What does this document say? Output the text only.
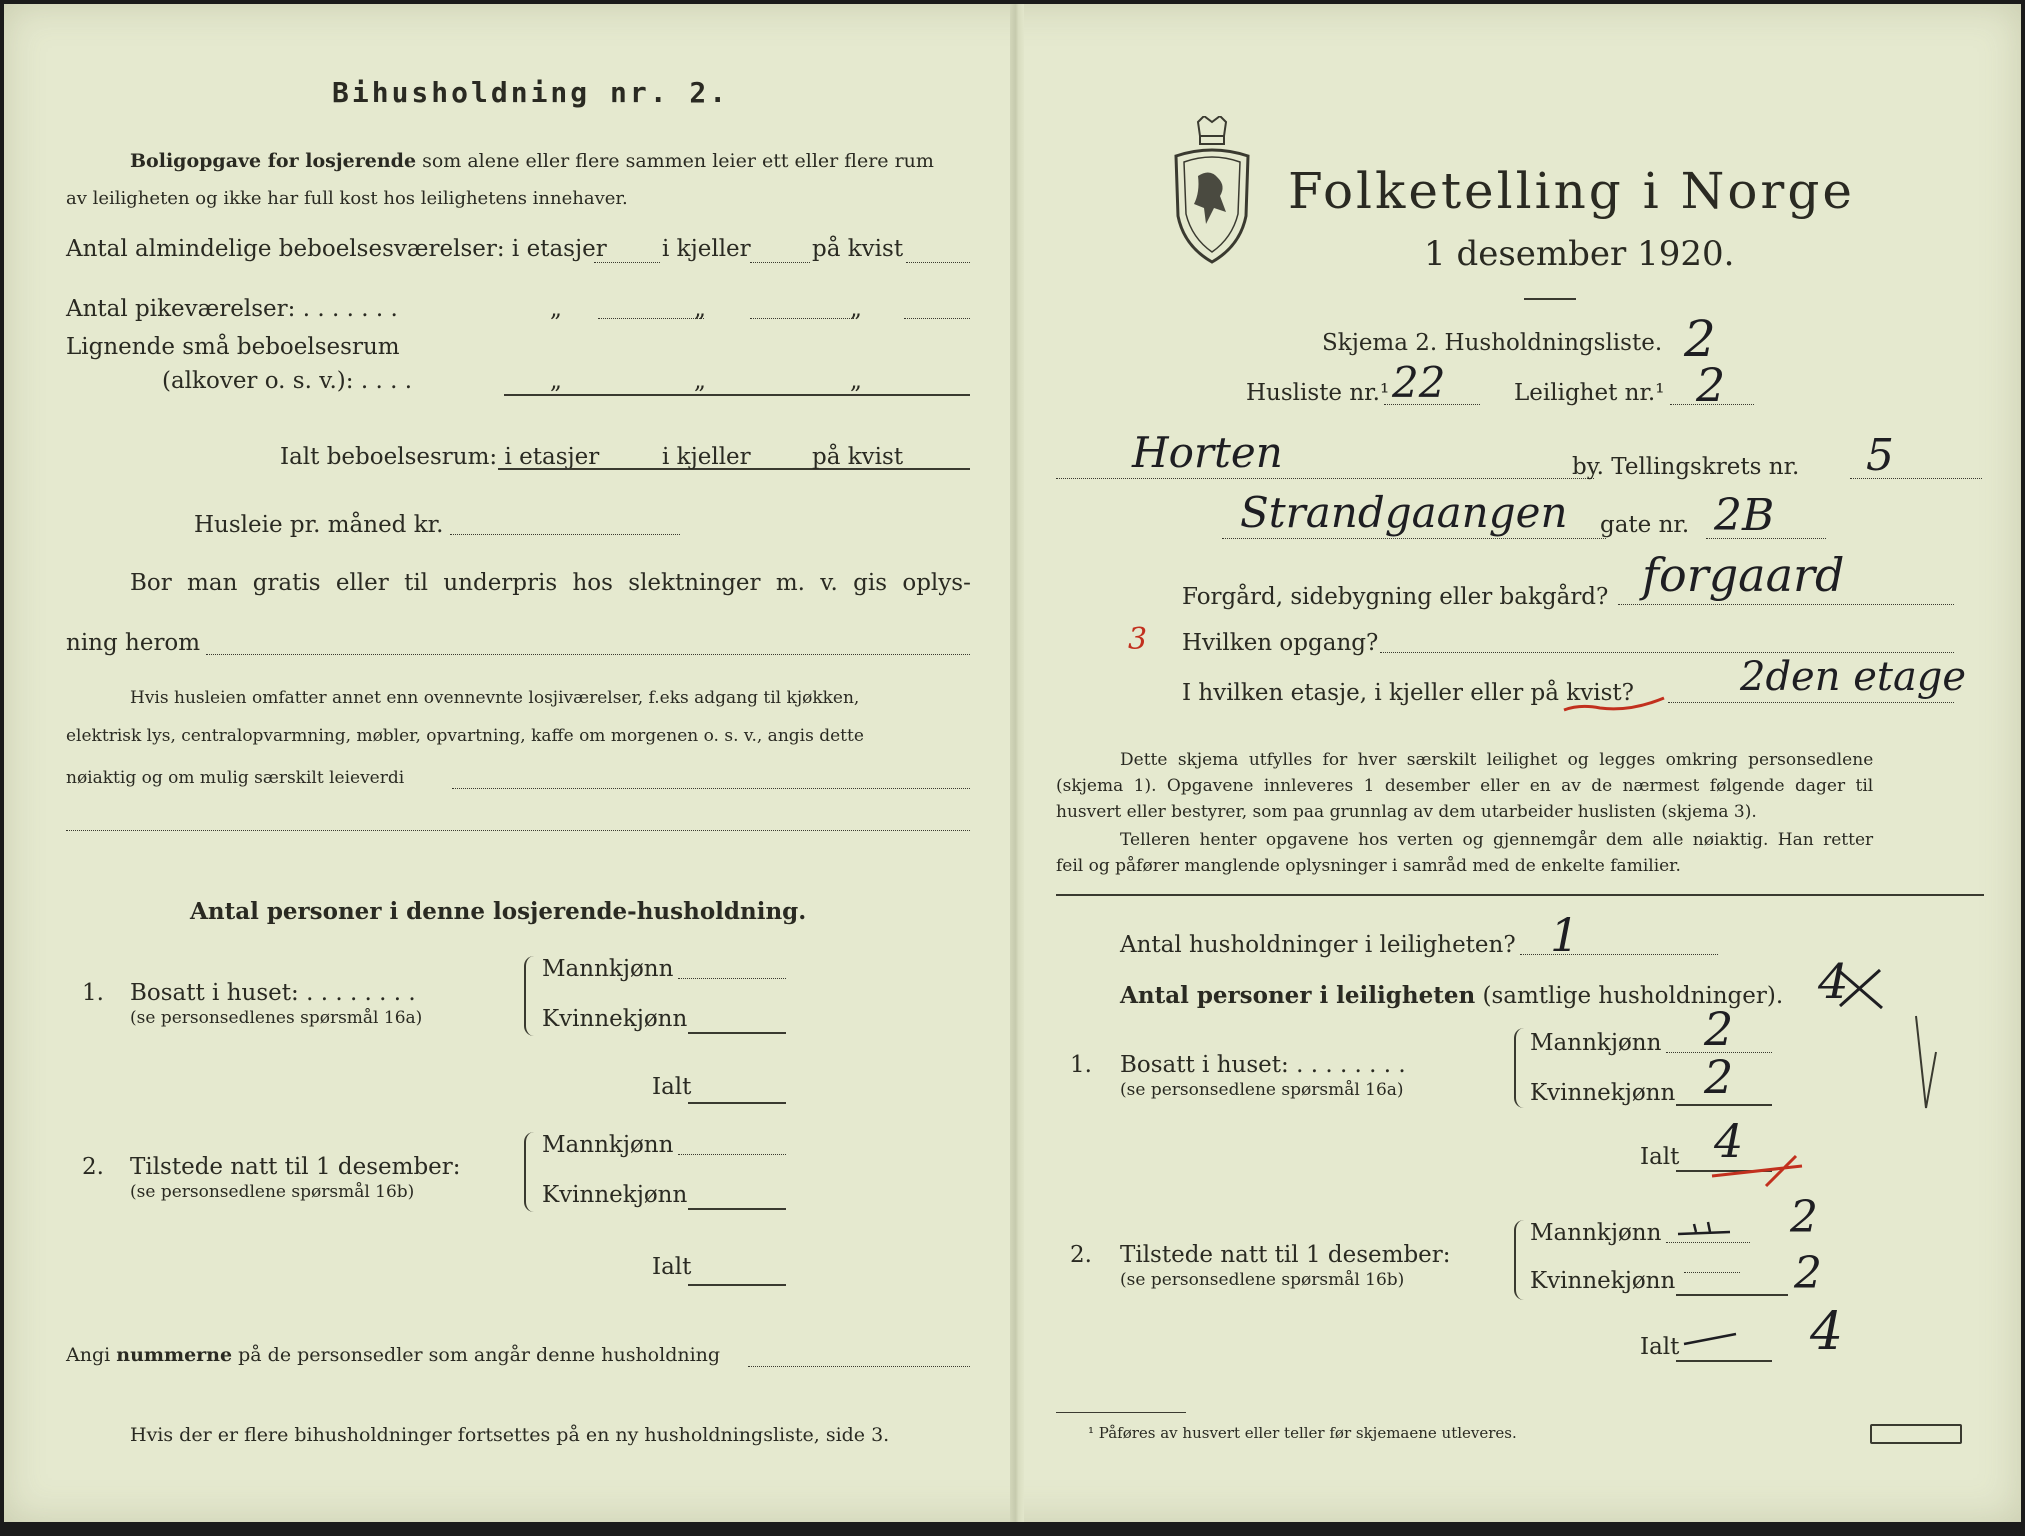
Bihusholdning nr. 2.
Boligopgave for losjerende som alene eller flere sammen leier ett eller flere rum
av leiligheten og ikke har full kost hos leilighetens innehaver.
Antal almindelige beboelsesværelser: i etasjer i kjeller	på kvist
Antal pikeværelser: . . . . . . .	„	„	„
Lignende små beboelsesrum
(alkover o. s. v.): . . . .	„	„	„
Ialt beboelsesrum: i etasjer	i kjeller	på kvist
Husleie pr. måned kr.
Bor man gratis eller til underpris hos slektninger m. v. gis oplys-
ning herom
Hvis husleien omfatter annet enn ovennevnte losjiværelser, f.eks adgang til kjøkken,
elektrisk lys, centralopvarmning, møbler, opvartning, kaffe om morgenen o. s. v., angis dette
nøiaktig og om mulig særskilt leieverdi
Antal personer i denne losjerende-husholdning.
1. Bosatt i huset: . . . . . . . .
(se personsedlenes spørsmål 16a)
Mannkjønn
Kvinnekjønn
Ialt
2. Tilstede natt til 1 desember:
(se personsedlene spørsmål 16b)
Mannkjønn
Kvinnekjønn
Ialt
Angi nummerne på de personsedler som angår denne husholdning
Hvis der er flere bihusholdninger fortsettes på en ny husholdningsliste, side 3.
Folketelling i Norge
1 desember 1920.
Skjema 2. Husholdningsliste. 2
Husliste nr.¹ 22	Leilighet nr.¹ 2
Horten	by. Tellingskrets nr. 5
Strandgaangen gate nr. 2B
Forgård, sidebygning eller bakgård? forgaard
3 Hvilken opgang?
I hvilken etasje, i kjeller eller på kvist?	2den etage
Dette skjema utfylles for hver særskilt leilighet og legges omkring personsedlene
(skjema 1). Opgavene innleveres 1 desember eller en av de nærmest følgende dager til
husvert eller bestyrer, som paa grunnlag av dem utarbeider huslisten (skjema 3).
Telleren henter opgavene hos verten og gjennemgår dem alle nøiaktig. Han retter
feil og påfører manglende oplysninger i samråd med de enkelte familier.
Antal husholdninger i leiligheten? 1
Antal personer i leiligheten (samtlige husholdninger). 4
1. Bosatt i huset: . . . . . . . .
(se personsedlene spørsmål 16a)
Mannkjønn 2
Kvinnekjønn 2
Ialt 4
2. Tilstede natt til 1 desember:
(se personsedlene spørsmål 16b)
Mannkjønn	2
Kvinnekjønn	2
Ialt	4
¹ Påføres av husvert eller teller før skjemaene utleveres.
